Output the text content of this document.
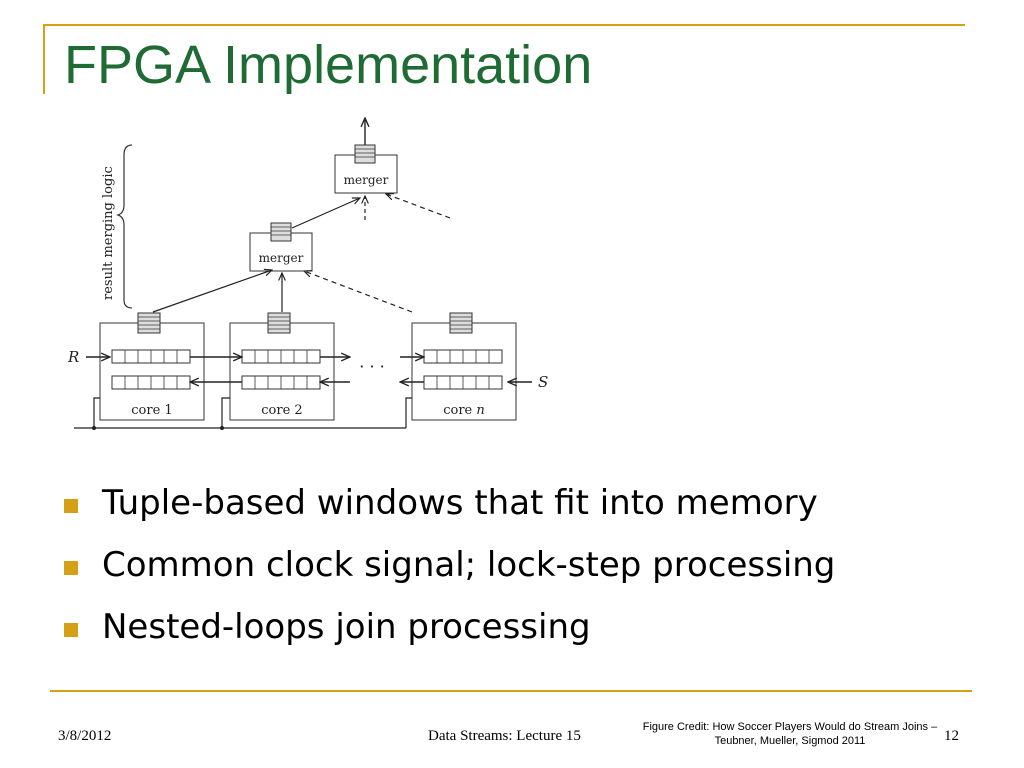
FPGA Implementation
result merging logic	merger
merger
core 1	core 2	core n
· · ·
R
S
Tuple-based windows that fit into memory
Common clock signal; lock-step processing
Nested-loops join processing
3/8/2012	Data Streams: Lecture 15
Figure Credit: How Soccer Players Would do Stream Joins –
Teubner, Mueller, Sigmod 2011	12
